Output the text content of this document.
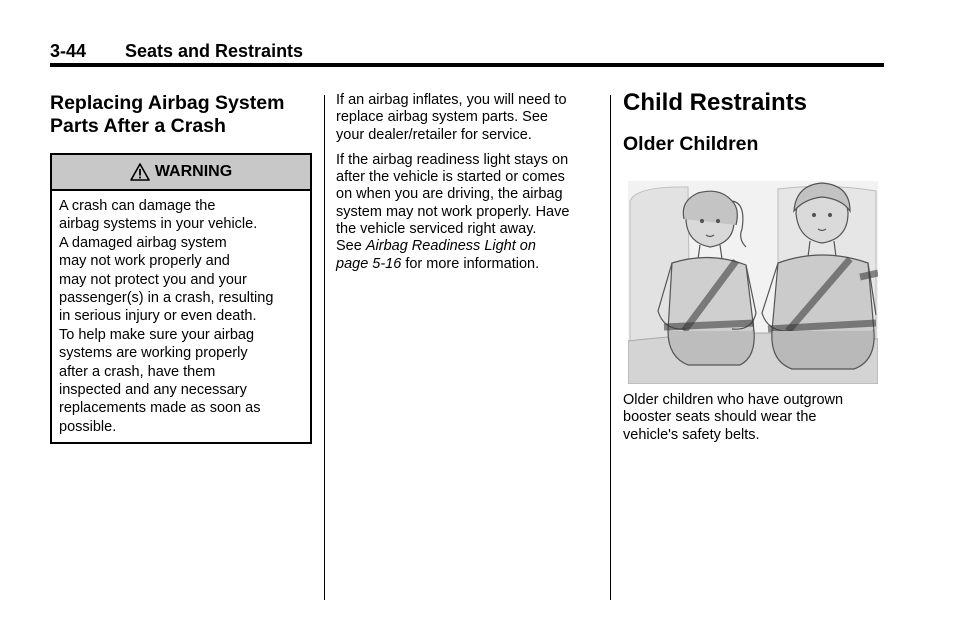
3-44 Seats and Restraints
Replacing Airbag System
Parts After a Crash
WARNING
A crash can damage the
airbag systems in your vehicle.
A damaged airbag system
may not work properly and
may not protect you and your
passenger(s) in a crash, resulting
in serious injury or even death.
To help make sure your airbag
systems are working properly
after a crash, have them
inspected and any necessary
replacements made as soon as
possible.

If an airbag inflates, you will need to
replace airbag system parts. See
your dealer/retailer for service.

If the airbag readiness light stays on
after the vehicle is started or comes
on when you are driving, the airbag
system may not work properly. Have
the vehicle serviced right away.
See Airbag Readiness Light on
page 5-16 for more information.

Child Restraints
Older Children
Older children who have outgrown
booster seats should wear the
vehicle's safety belts.
